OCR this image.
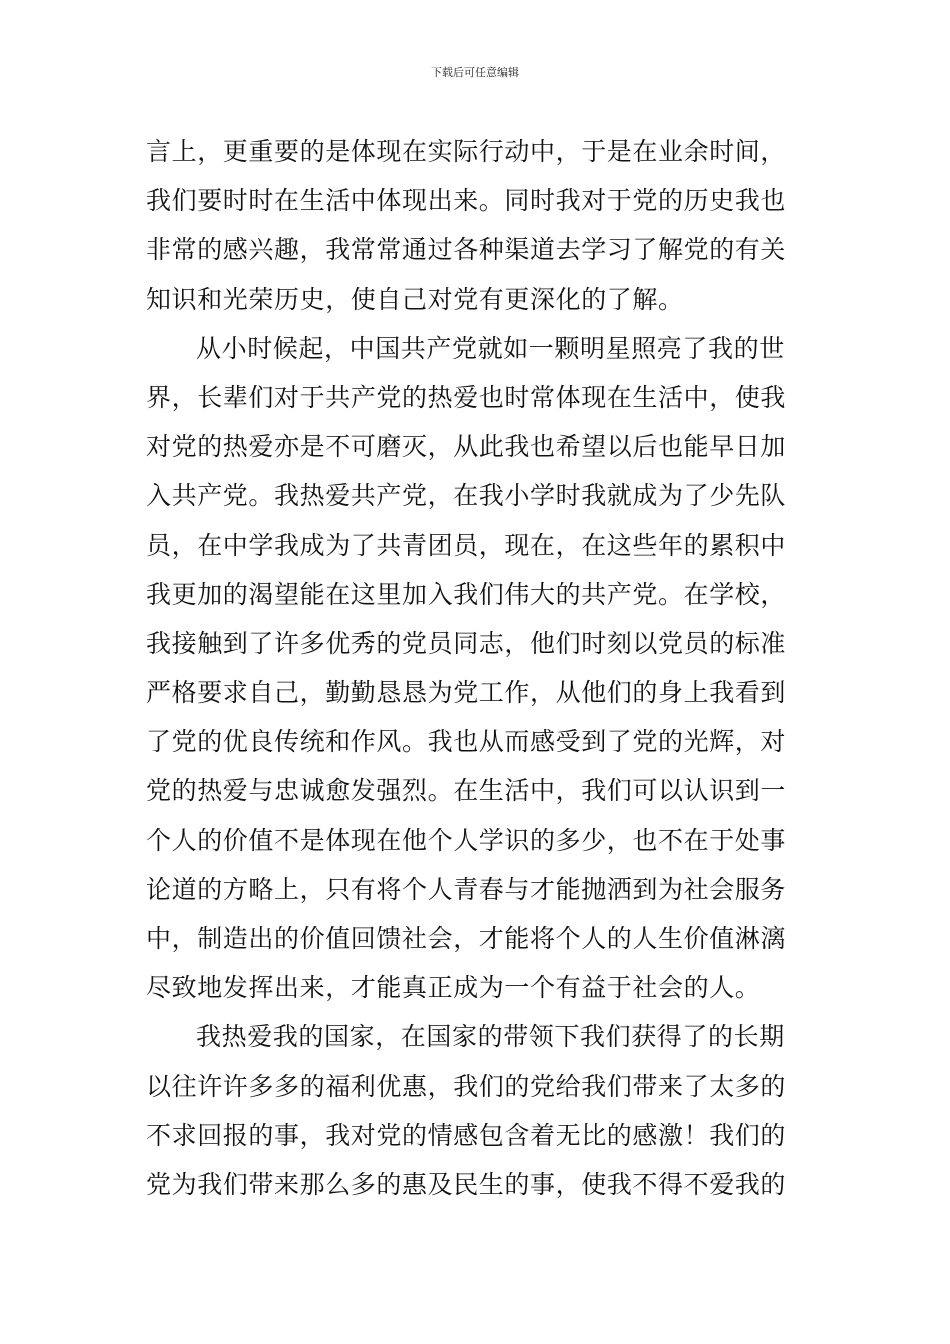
下载后可任意编辑
言上，更重要的是体现在实际行动中，于是在业余时间，
我们要时时在生活中体现出来。同时我对于党的历史我也
非常的感兴趣，我常常通过各种渠道去学习了解党的有关
知识和光荣历史，使自己对党有更深化的了解。
从小时候起，中国共产党就如一颗明星照亮了我的世
界，长辈们对于共产党的热爱也时常体现在生活中，使我
对党的热爱亦是不可磨灭，从此我也希望以后也能早日加
入共产党。我热爱共产党，在我小学时我就成为了少先队
员，在中学我成为了共青团员，现在，在这些年的累积中
我更加的渴望能在这里加入我们伟大的共产党。在学校，
我接触到了许多优秀的党员同志，他们时刻以党员的标准
严格要求自己，勤勤恳恳为党工作，从他们的身上我看到
了党的优良传统和作风。我也从而感受到了党的光辉，对
党的热爱与忠诚愈发强烈。在生活中，我们可以认识到一
个人的价值不是体现在他个人学识的多少，也不在于处事
论道的方略上，只有将个人青春与才能抛洒到为社会服务
中，制造出的价值回馈社会，才能将个人的人生价值淋漓
尽致地发挥出来，才能真正成为一个有益于社会的人。
我热爱我的国家，在国家的带领下我们获得了的长期
以往许许多多的福利优惠，我们的党给我们带来了太多的
不求回报的事，我对党的情感包含着无比的感激！我们的
党为我们带来那么多的惠及民生的事，使我不得不爱我的
